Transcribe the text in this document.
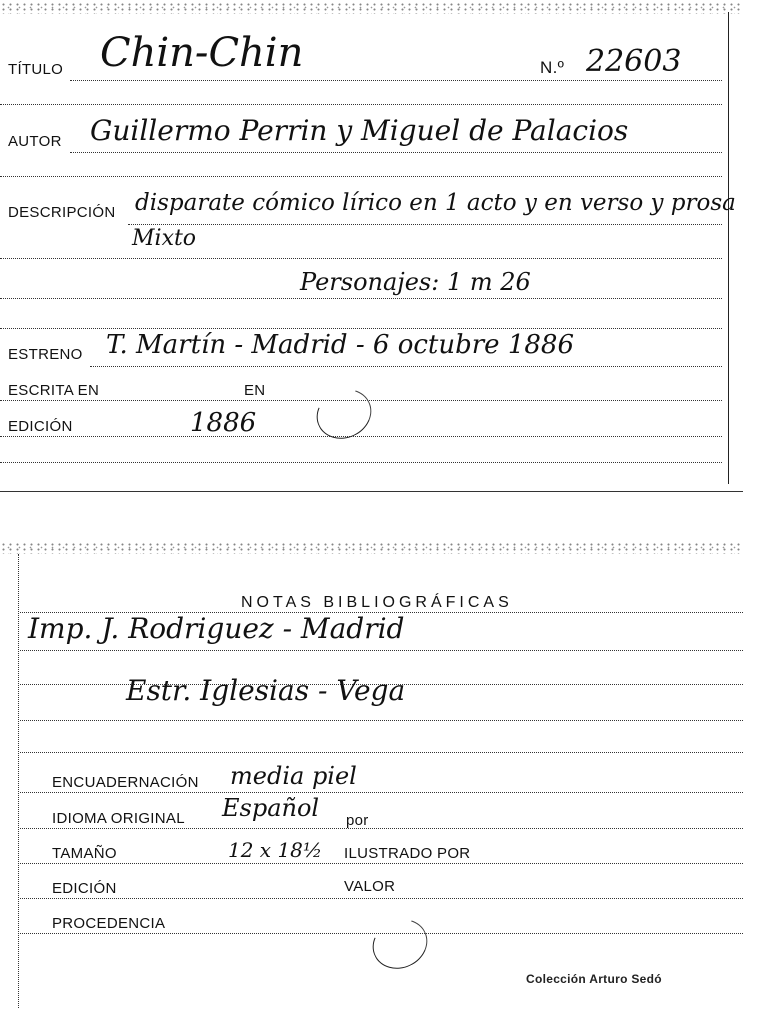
TÍTULO Chin-Chin	N.º 22603
AUTOR Guillermo Perrin y Miguel de Palacios
DESCRIPCIÓN disparate cómico lírico en 1 acto y en verso y prosa
Mixto
Personajes: 1 m 26
ESTRENO T. Martín - Madrid - 6 octubre 1886
ESCRITA EN	EN
EDICIÓN	1886
NOTAS BIBLIOGRÁFICAS
Imp. J. Rodriguez - Madrid
Estr. Iglesias - Vega
ENCUADERNACIÓN media piel
IDIOMA ORIGINAL Español por
TAMAÑO	12 x 18½ ILUSTRADO POR
EDICIÓN	VALOR
PROCEDENCIA
Colección Arturo Sedó
